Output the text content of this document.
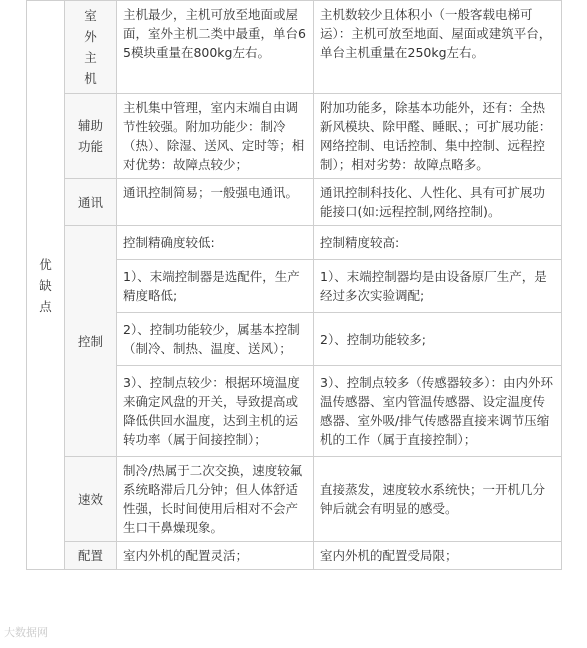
优缺点	室外主机	主机最少，主机可放至地面或屋面，室外主机二类中最重，单台65模块重量在800kg左右。	主机数较少且体积小（一般客载电梯可运）：主机可放至地面、屋面或建筑平台，单台主机重量在250kg左右。
	辅助功能	主机集中管理，室内末端自由调节性较强。附加功能少：制冷（热）、除湿、送风、定时等；相对优势：故障点较少；	附加功能多，除基本功能外，还有：全热新风模块、除甲醛、睡眠、；可扩展功能：网络控制、电话控制、集中控制、远程控制）；相对劣势：故障点略多。
	通讯	通讯控制简易；一般强电通讯。	通讯控制科技化、人性化、具有可扩展功能接口(如:远程控制,网络控制)。
	控制	控制精确度较低:	控制精度较高:
		1）、末端控制器是选配件，生产精度略低;	1）、末端控制器均是由设备原厂生产，是经过多次实验调配;
		2）、控制功能较少，属基本控制（制冷、制热、温度、送风）；	2）、控制功能较多;
		3）、控制点较少：根据环境温度来确定风盘的开关，导致提高或降低供回水温度，达到主机的运转功率（属于间接控制）；	3）、控制点较多（传感器较多）：由内外环温传感器、室内管温传感器、设定温度传感器、室外吸/排气传感器直接来调节压缩机的工作（属于直接控制）；
	速效	制冷/热属于二次交换，速度较氟系统略滞后几分钟；但人体舒适性强，长时间使用后相对不会产生口干鼻燥现象。	直接蒸发，速度较水系统快；一开机几分钟后就会有明显的感受。
	配置	室内外机的配置灵活；	室内外机的配置受局限；
大数据网
